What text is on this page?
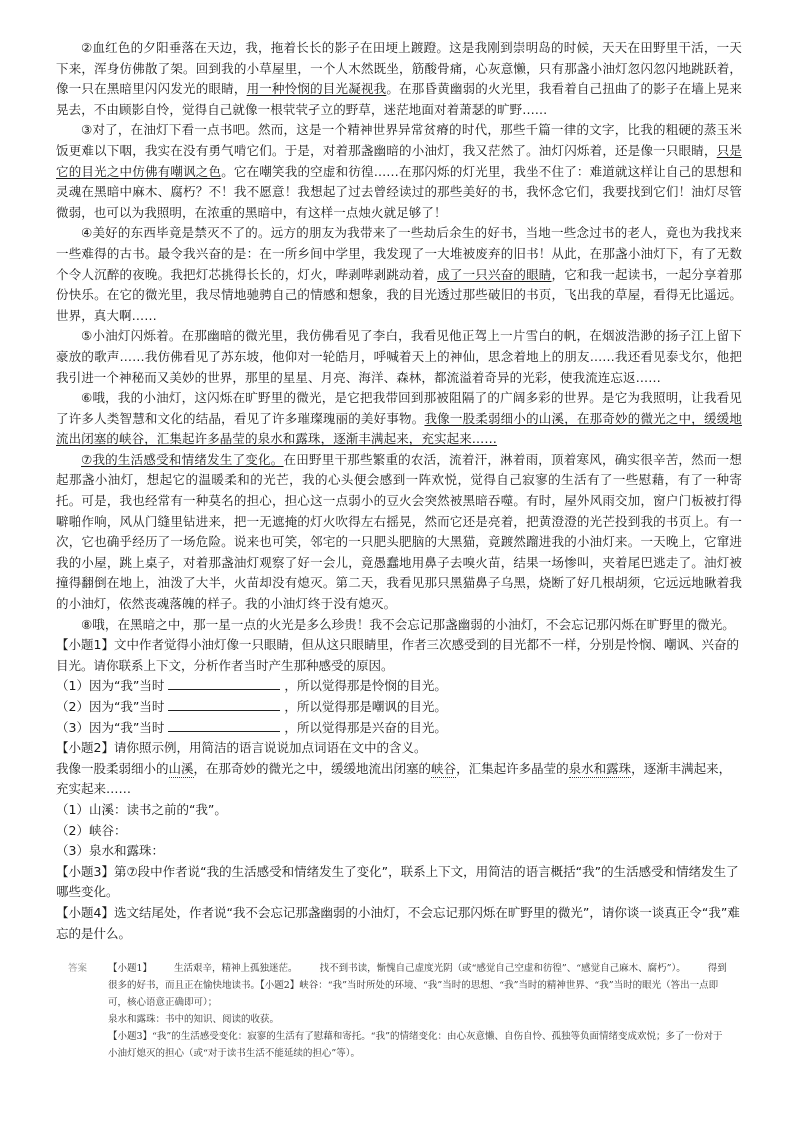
②血红色的夕阳垂落在天边，我，拖着长长的影子在田埂上踱蹬。这是我刚到崇明岛的时候，天天在田野里干活，一天下来，浑身仿佛散了架。回到我的小草屋里，一个人木然既坐，筋酸骨痛，心灰意懒，只有那盏小油灯忽闪忽闪地跳跃着，像一只在黑暗里闪闪发光的眼睛，用一种怜悯的目光凝视我。在那昏黄幽弱的火光里，我看着自己扭曲了的影子在墙上晃来晃去，不由顾影自怜，觉得自己就像一根茕茕孑立的野草，迷茫地面对着萧瑟的旷野……

③对了，在油灯下看一点书吧。然而，这是一个精神世界异常贫瘠的时代，那些千篇一律的文字，比我的粗硬的蒸玉米饭更难以下咽，我实在没有勇气啃它们。于是，对着那盏幽暗的小油灯，我又茫然了。油灯闪烁着，还是像一只眼睛，只是它的目光之中仿佛有嘲讽之色。它在嘲笑我的空虚和彷徨……在那闪烁的灯光里，我坐不住了：难道就这样让自己的思想和灵魂在黑暗中麻木、腐朽？不！我不愿意！我想起了过去曾经读过的那些美好的书，我怀念它们，我要找到它们！油灯尽管微弱，也可以为我照明，在浓重的黑暗中，有这样一点烛火就足够了！

④美好的东西毕竟是禁灭不了的。远方的朋友为我带来了一些劫后余生的好书，当地一些念过书的老人，竟也为我找来一些难得的古书。最令我兴奋的是：在一所乡间中学里，我发现了一大堆被废弃的旧书！从此，在那盏小油灯下，有了无数个令人沉醉的夜晚。我把灯芯挑得长长的，灯火，哔剥哔剥跳动着，成了一只兴奋的眼睛，它和我一起读书，一起分享着那份快乐。在它的微光里，我尽情地驰骋自己的情感和想象，我的目光透过那些破旧的书页，飞出我的草屋，看得无比遥远。世界，真大啊……

⑤小油灯闪烁着。在那幽暗的微光里，我仿佛看见了李白，我看见他正驾上一片雪白的帆，在烟波浩渺的扬子江上留下豪放的歌声……我仿佛看见了苏东坡，他仰对一轮皓月，呼喊着天上的神仙，思念着地上的朋友……我还看见泰戈尔，他把我引进一个神秘而又美妙的世界，那里的星星、月亮、海洋、森林，都流溢着奇异的光彩，使我流连忘返……

⑥哦，我的小油灯，这闪烁在旷野里的微光，是它把我带回到那被阻隔了的广阔多彩的世界。是它为我照明，让我看见了许多人类智慧和文化的结晶，看见了许多璀璨瑰丽的美好事物。我像一股柔弱细小的山溪，在那奇妙的微光之中，缓缓地流出闭塞的峡谷，汇集起许多晶莹的泉水和露珠，逐渐丰满起来，充实起来……

⑦我的生活感受和情绪发生了变化。在田野里干那些繁重的农活，流着汗，淋着雨，顶着寒风，确实很辛苦，然而一想起那盏小油灯，想起它的温暖柔和的光芒，我的心头便会感到一阵欢悦，觉得自己寂寥的生活有了一些慰藉，有了一种寄托。可是，我也经常有一种莫名的担心，担心这一点弱小的豆火会突然被黑暗吞噬。有时，屋外风雨交加，窗户门板被打得噼啪作响，风从门缝里钻进来，把一无遮掩的灯火吹得左右摇晃，然而它还是亮着，把黄澄澄的光芒投到我的书页上。有一次，它也确乎经历了一场危险。说来也可笑，邻宅的一只肥头肥脑的大黑猫，竟踱然蹓进我的小油灯来。一天晚上，它窜进我的小屋，跳上桌子，对着那盏油灯观察了好一会儿，竟愚蠢地用鼻子去嗅火苗，结果一场惨叫，夹着尾巴逃走了。油灯被撞得翻倒在地上，油泼了大半，火苗却没有熄灭。第二天，我看见那只黑猫鼻子乌黑，烧断了好几根胡须，它远远地瞅着我的小油灯，依然丧魂落魄的样子。我的小油灯终于没有熄灭。

⑧哦，在黑暗之中，那一星一点的火光是多么珍贵！我不会忘记那盏幽弱的小油灯，不会忘记那闪烁在旷野里的微光。

【小题1】文中作者觉得小油灯像一只眼睛，但从这只眼睛里，作者三次感受到的目光都不一样，分别是怜悯、嘲讽、兴奋的目光。请你联系上下文，分析作者当时产生那种感受的原因。

（1）因为“我”当时	，所以觉得那是怜悯的目光。

（2）因为“我”当时	，所以觉得那是嘲讽的目光。

（3）因为“我”当时	，所以觉得那是兴奋的目光。

【小题2】请你照示例，用简洁的语言说说加点词语在文中的含义。

我像一股柔弱细小的山溪，在那奇妙的微光之中，缓缓地流出闭塞的峡谷，汇集起许多晶莹的泉水和露珠，逐渐丰满起来，充实起来……

（1）山溪：读书之前的“我”。

（2）峡谷：

（3）泉水和露珠：

【小题3】第⑦段中作者说“我的生活感受和情绪发生了变化”，联系上下文，用简洁的语言概括“我”的生活感受和情绪发生了哪些变化。

【小题4】选文结尾处，作者说“我不会忘记那盏幽弱的小油灯，不会忘记那闪烁在旷野里的微光”，请你谈一谈真正令“我”难忘的是什么。

答案 【小题1】 生活艰辛，精神上孤独迷茫。 找不到书读，惭愧自己虚度光阴（或“感觉自己空虚和彷徨”、“感觉自己麻木、腐朽”）。 得到很多的好书，而且正在愉快地读书。【小题2】峡谷：“我”当时所处的环境、“我”当时的思想、“我”当时的精神世界、“我”当时的眼光（答出一点即可，核心语意正确即可）；

泉水和露珠：书中的知识、阅读的收获。

【小题3】“我”的生活感受变化：寂寥的生活有了慰藉和寄托。“我”的情绪变化：由心灰意懒、自伤自怜、孤独等负面情绪变成欢悦；多了一份对于小油灯熄灭的担心（或“对于读书生活不能延续的担心”等）。
